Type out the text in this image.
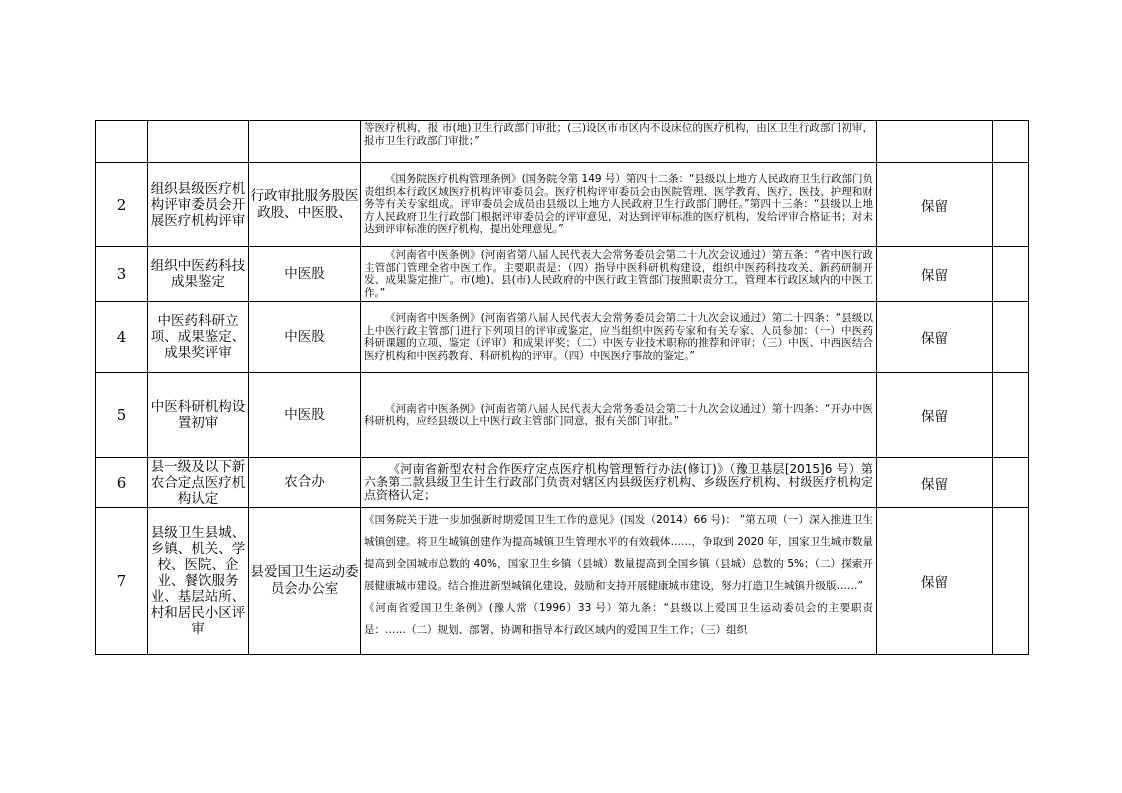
			等医疗机构，报 市(地)卫生行政部门审批；(三)设区市市区内不设床位的医疗机构，由区卫生行政部门初审，报市卫生行政部门审批；”		

2	组织县级医疗机构评审委员会开展医疗机构评审	行政审批服务股医政股、中医股、	《国务院医疗机构管理条例》(国务院令第 149 号）第四十二条：“县级以上地方人民政府卫生行政部门负责组织本行政区域医疗机构评审委员会。医疗机构评审委员会由医院管理、医学教育、医疗、医技、护理和财务等有关专家组成。评审委员会成员由县级以上地方人民政府卫生行政部门聘任。”第四十三条：“县级以上地方人民政府卫生行政部门根据评审委员会的评审意见，对达到评审标准的医疗机构，发给评审合格证书；对未达到评审标准的医疗机构，提出处理意见。”	保留	
3	组织中医药科技成果鉴定	中医股	《河南省中医条例》(河南省第八届人民代表大会常务委员会第二十九次会议通过）第五条：“省中医行政主管部门管理全省中医工作。主要职责是：（四）指导中医科研机构建设，组织中医药科技攻关、新药研制开发、成果鉴定推广。市(地)、县(市)人民政府的中医行政主管部门按照职责分工，管理本行政区域内的中医工作。”	保留	
4	中医药科研立项、成果鉴定、成果奖评审	中医股	《河南省中医条例》(河南省第八届人民代表大会常务委员会第二十九次会议通过）第二十四条：“县级以上中医行政主管部门进行下列项目的评审或鉴定，应当组织中医药专家和有关专家、人员参加：（一）中医药科研课题的立项、鉴定（评审）和成果评奖；（二）中医专业技术职称的推荐和评审；（三）中医、中西医结合医疗机构和中医药教育、科研机构的评审。（四）中医医疗事故的鉴定。”	保留	
5	中医科研机构设置初审	中医股	《河南省中医条例》(河南省第八届人民代表大会常务委员会第二十九次会议通过）第十四条：“开办中医科研机构，应经县级以上中医行政主管部门同意，报有关部门审批。”	保留	
6	县一级及以下新农合定点医疗机构认定	农合办	《河南省新型农村合作医疗定点医疗机构管理暂行办法(修订)》（豫卫基层[2015]6 号）第六条第二款县级卫生计生行政部门负责对辖区内县级医疗机构、乡级医疗机构、村级医疗机构定点资格认定；	保留	
7	县级卫生县城、乡镇、机关、学校、医院、企业、餐饮服务业、基层站所、村和居民小区评审	县爱国卫生运动委员会办公室	《国务院关于进一步加强新时期爱国卫生工作的意见》(国发（2014）66 号)： ”第五项（一）深入推进卫生城镇创建。将卫生城镇创建作为提高城镇卫生管理水平的有效载体……，争取到 2020 年，国家卫生城市数量提高到全国城市总数的 40%，国家卫生乡镇（县城）数量提高到全国乡镇（县城）总数的 5%；（二）探索开展健康城市建设。结合推进新型城镇化建设，鼓励和支持开展健康城市建设，努力打造卫生城镇升级版……”
《河南省爱国卫生条例》(豫人常（1996）33 号）第九条：“县级以上爱国卫生运动委员会的主要职责是：……（二）规划、部署、协调和指导本行政区域内的爱国卫生工作；（三）组织	保留	
